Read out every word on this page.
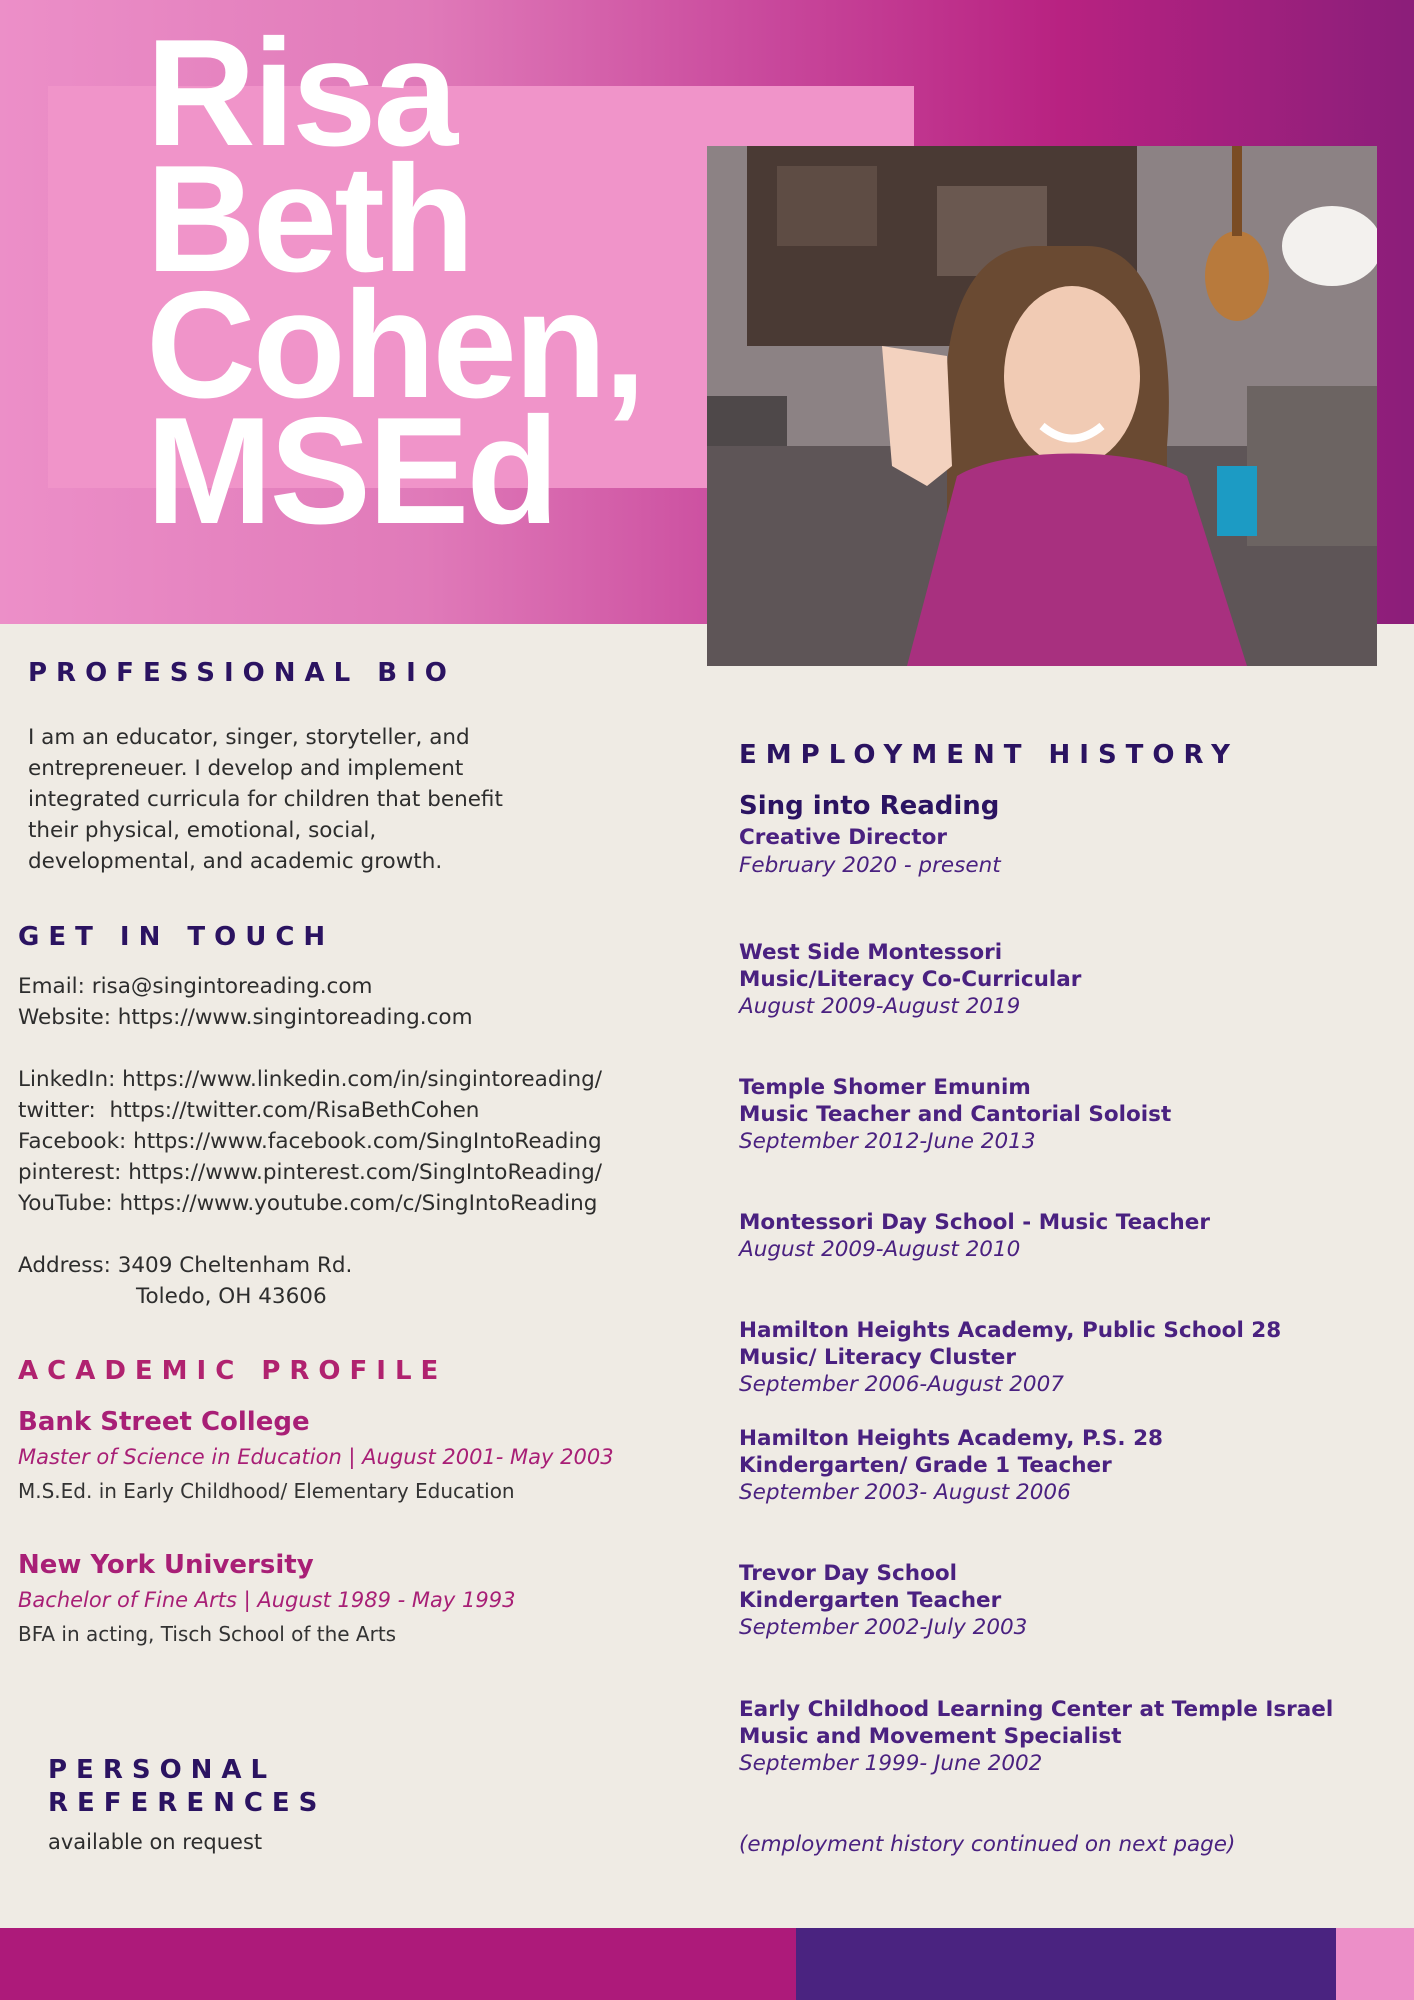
Risa
Beth
Cohen,
MSEd
PROFESSIONAL BIO

I am an educator, singer, storyteller, and entrepreneuer. I develop and implement integrated curricula for children that benefit their physical, emotional, social, developmental, and academic growth.

GET IN TOUCH
Email: risa@singintoreading.com
Website: https://www.singintoreading.com
LinkedIn: https://www.linkedin.com/in/singintoreading/
twitter:  https://twitter.com/RisaBethCohen
Facebook: https://www.facebook.com/SingIntoReading
pinterest: https://www.pinterest.com/SingIntoReading/
YouTube: https://www.youtube.com/c/SingIntoReading
Address: 3409 Cheltenham Rd.
Toledo, OH 43606
ACADEMIC PROFILE
Bank Street College
Master of Science in Education | August 2001- May 2003
M.S.Ed. in Early Childhood/ Elementary Education
New York University
Bachelor of Fine Arts | August 1989 - May 1993
BFA in acting, Tisch School of the Arts
PERSONAL
REFERENCES
available on request
EMPLOYMENT HISTORY
Sing into Reading
Creative Director
February 2020 - present
West Side Montessori
Music/Literacy Co-Curricular
August 2009-August 2019
Temple Shomer Emunim
Music Teacher and Cantorial Soloist
September 2012-June 2013
Montessori Day School - Music Teacher
August 2009-August 2010
Hamilton Heights Academy, Public School 28
Music/ Literacy Cluster
September 2006-August 2007
Hamilton Heights Academy, P.S. 28
Kindergarten/ Grade 1 Teacher
September 2003- August 2006
Trevor Day School
Kindergarten Teacher
September 2002-July 2003
Early Childhood Learning Center at Temple Israel
Music and Movement Specialist
September 1999- June 2002
(employment history continued on next page)
